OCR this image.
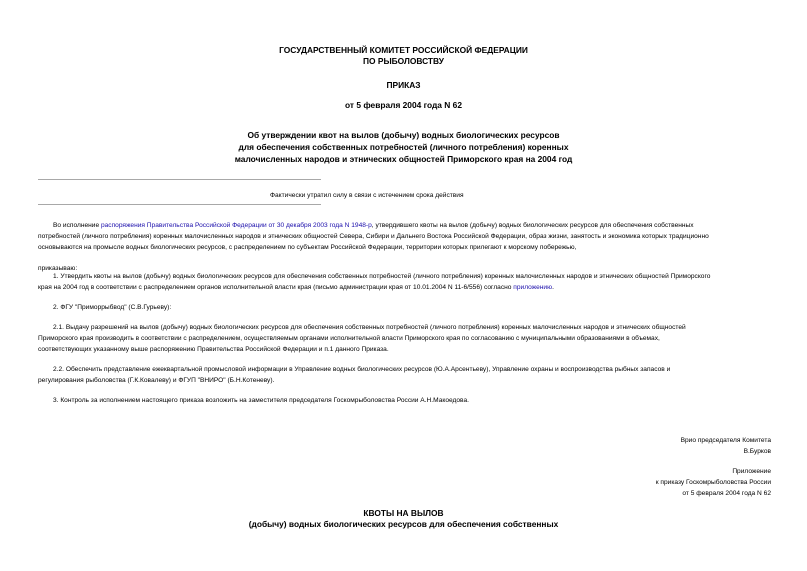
ГОСУДАРСТВЕННЫЙ КОМИТЕТ РОССИЙСКОЙ ФЕДЕРАЦИИ
ПО РЫБОЛОВСТВУ
ПРИКАЗ
от 5 февраля 2004 года N 62
Об утверждении квот на вылов (добычу) водных биологических ресурсов
для обеспечения собственных потребностей (личного потребления) коренных
малочисленных народов и этнических общностей Приморского края на 2004 год
Фактически утратил силу в связи с истечением срока действия
Во исполнение распоряжения Правительства Российской Федерации от 30 декабря 2003 года N 1948-р, утвердившего квоты на вылов (добычу) водных биологических ресурсов для обеспечения собственных
потребностей (личного потребления) коренных малочисленных народов и этнических общностей Севера, Сибири и Дальнего Востока Российской Федерации, образ жизни, занятость и экономика которых традиционно
основываются на промысле водных биологических ресурсов, с распределением по субъектам Российской Федерации, территории которых прилегают к морскому побережью,
приказываю:
1. Утвердить квоты на вылов (добычу) водных биологических ресурсов для обеспечения собственных потребностей (личного потребления) коренных малочисленных народов и этнических общностей Приморского
края на 2004 год в соответствии с распределением органов исполнительной власти края (письмо администрации края от 10.01.2004 N 11-6/556) согласно приложению.
2. ФГУ "Приморрыбвод" (С.В.Гурьеву):
2.1. Выдачу разрешений на вылов (добычу) водных биологических ресурсов для обеспечения собственных потребностей (личного потребления) коренных малочисленных народов и этнических общностей
Приморского края производить в соответствии с распределением, осуществляемым органами исполнительной власти Приморского края по согласованию с муниципальными образованиями в объемах,
соответствующих указанному выше распоряжению Правительства Российской Федерации и п.1 данного Приказа.
2.2. Обеспечить представление ежеквартальной промысловой информации в Управление водных биологических ресурсов (Ю.А.Арсентьеву), Управление охраны и воспроизводства рыбных запасов и
регулирования рыболовства (Г.К.Ковалеву) и ФГУП "ВНИРО" (Б.Н.Котеневу).
3. Контроль за исполнением настоящего приказа возложить на заместителя председателя Госкомрыболовства России А.Н.Макоедова.
Врио председателя Комитета
В.Бурков
Приложение
к приказу Госкомрыболовства России
от 5 февраля 2004 года N 62
КВОТЫ НА ВЫЛОВ
(добычу) водных биологических ресурсов для обеспечения собственных
